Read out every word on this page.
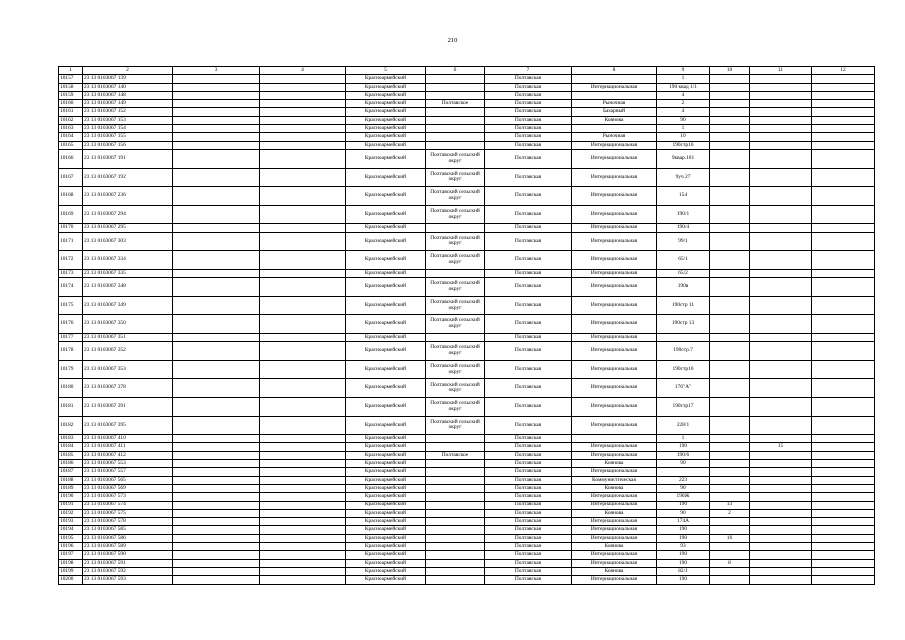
210
1	2	3	4	5	6	7	8	9	10	11	12
10157	23 13 0103067 139			Красноармейский		Полтавская		1			
10158	23 13 0103067 140			Красноармейский		Полтавская	Интернациональная	190 квад 1/1			
10159	23 13 0103067 148			Красноармейский		Полтавская		4			
10160	23 13 0103067 149			Красноармейский	Полтавское	Полтавская	Рыночная	2			
10161	23 13 0103067 152			Красноармейский		Полтавская	Базарный	4			
10162	23 13 0103067 153			Красноармейский		Полтавская	Коянова	90			
10163	23 13 0103067 154			Красноармейский		Полтавская		1			
10164	23 13 0103067 155			Красноармейский		Полтавская	Рыночная	10			
10165	23 13 0103067 156			Красноармейский		Полтавская	Интернациональная	190стр16			
10166	23 13 0103067 191			Красноармейский	Полтавский сельский округ	Полтавская	Интернациональная	9квар.101			
10167	23 13 0103067 192			Красноармейский	Полтавский сельский округ	Полтавская	Интернациональная	9уч 27			
10168	23 13 0103067 236			Красноармейский	Полтавский сельский округ	Полтавская	Интернациональная	154			
10169	23 13 0103067 294			Красноармейский	Полтавский сельский округ	Полтавская	Интернациональная	190/1			
10170	23 13 0103067 295			Красноармейский		Полтавская	Интернациональная	190/4			
10171	23 13 0103067 303			Красноармейский	Полтавский сельский округ	Полтавская	Интернациональная	99/1			
10172	23 13 0103067 334			Красноармейский	Полтавский сельский округ	Полтавская	Интернациональная	65/1			
10173	23 13 0103067 335			Красноармейский		Полтавская	Интернациональная	65/2			
10174	23 13 0103067 348			Красноармейский	Полтавский сельский округ	Полтавская	Интернациональная	190я			
10175	23 13 0103067 349			Красноармейский	Полтавский сельский округ	Полтавская	Интернациональная	190стр 11			
10176	23 13 0103067 350			Красноармейский	Полтавский сельский округ	Полтавская	Интернациональная	190стр 13			
10177	23 13 0103067 351			Красноармейский		Полтавская	Интернациональная				
10178	23 13 0103067 352			Красноармейский	Полтавский сельский округ	Полтавская	Интернациональная	190стр.7			
10179	23 13 0103067 353			Красноармейский	Полтавский сельский округ	Полтавская	Интернациональная	190стр16			
10180	23 13 0103067 378			Красноармейский	Полтавский сельский округ	Полтавская	Интернациональная	176"А"			
10181	23 13 0103067 391			Красноармейский	Полтавский сельский округ	Полтавская	Интернациональная	190стр17			
10182	23 13 0103067 395			Красноармейский	Полтавский сельский округ	Полтавская	Интернациональная	228/1			
10183	23 13 0103067 410			Красноармейский		Полтавская		1			
10184	23 13 0103067 411			Красноармейский		Полтавская	Интернациональная	190		15	
10185	23 13 0103067 412			Красноармейский	Полтавское	Полтавская	Интернациональная	190/6			
10186	23 13 0103067 553			Красноармейский		Полтавская	Коянова	90			
10187	23 13 0103067 557			Красноармейский		Полтавская	Интернациональная				
10188	23 13 0103067 565			Красноармейский		Полтавская	Коммунистическая	223			
10189	23 13 0103067 569			Красноармейский		Полтавская	Коянова	90			
10190	23 13 0103067 573			Красноармейский		Полтавская	Интернациональная	190Ж			
10191	23 13 0103067 574			Красноармейский		Полтавская	Интернациональная	190	13		
10192	23 13 0103067 575			Красноармейский		Полтавская	Коянова	90	2		
10193	23 13 0103067 578			Красноармейский		Полтавская	Интернациональная	174А			
10194	23 13 0103067 585			Красноармейский		Полтавская	Интернациональная	190			
10195	23 13 0103067 586			Красноармейский		Полтавская	Интернациональная	190	16		
10196	23 13 0103067 589			Красноармейский		Полтавская	Коянова	93			
10197	23 13 0103067 590			Красноармейский		Полтавская	Интернациональная	190			
10198	23 13 0103067 591			Красноармейский		Полтавская	Интернациональная	190	8		
10199	23 13 0103067 592			Красноармейский		Полтавская	Коянова	82/1			
10200	23 13 0103067 593			Красноармейский		Полтавская	Интернациональная	190			
